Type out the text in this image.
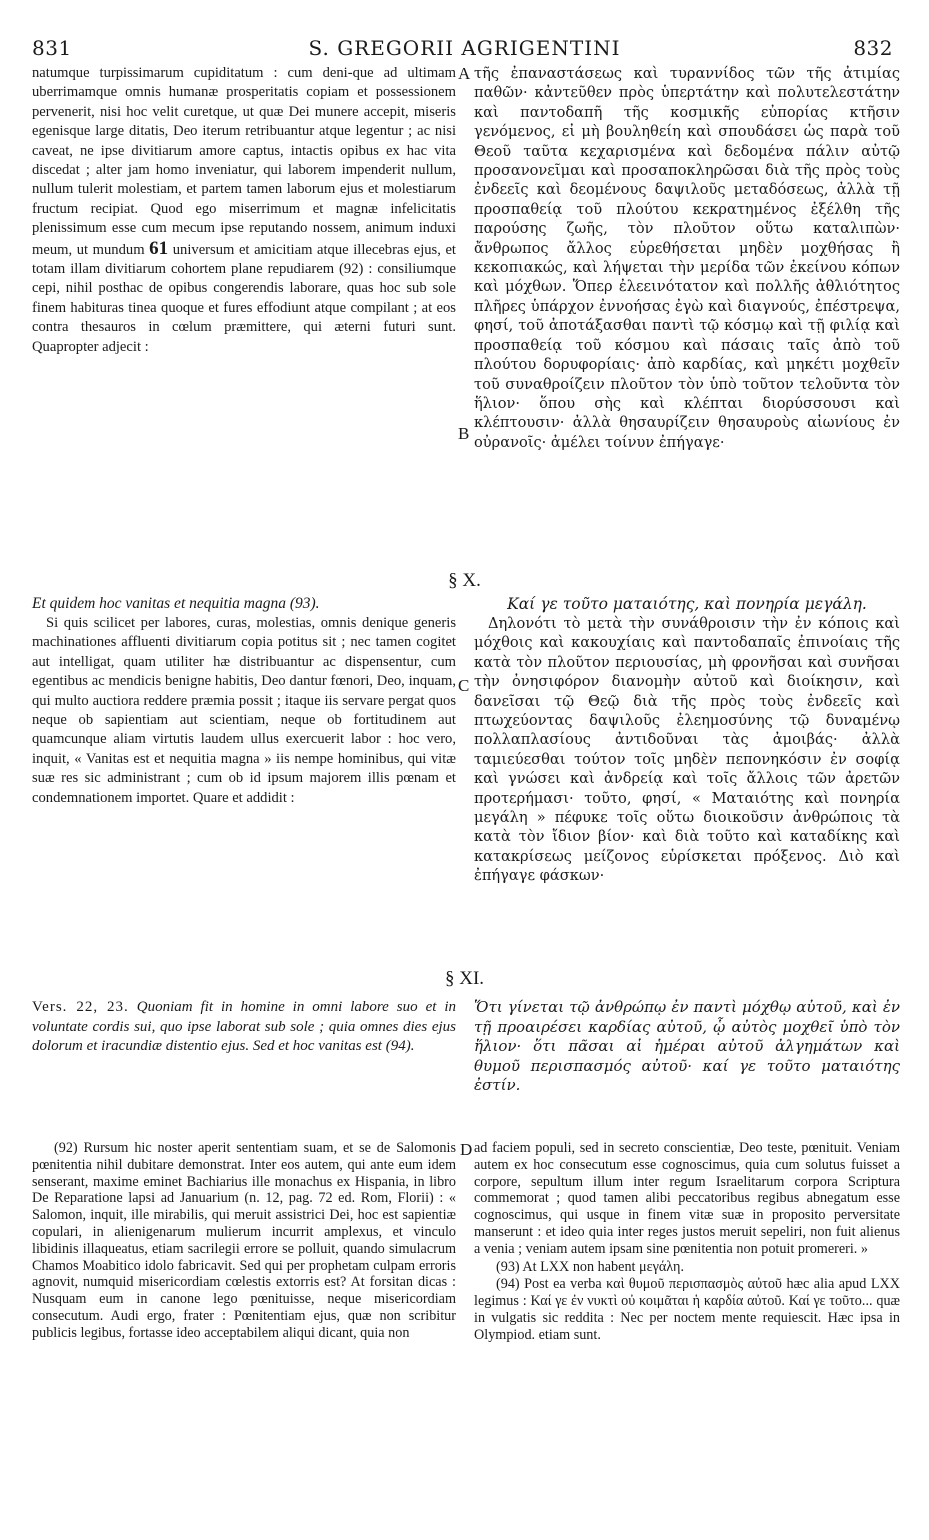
831	S. GREGORII AGRIGENTINI	832
natumque turpissimarum cupiditatum : cum deni-que ad ultimam uberrimamque omnis humanæ prosperitatis copiam et possessionem pervenerit, nisi hoc velit curetque, ut quæ Dei munere accepit, miseris egenisque large ditatis, Deo iterum retribuantur atque legentur ; ac nisi caveat, ne ipse divitiarum amore captus, intactis opibus ex hac vita discedat ; alter jam homo inveniatur, qui laborem impenderit nullum, nullum tulerit molestiam, et partem tamen laborum ejus et molestiarum fructum recipiat. Quod ego miserrimum et magnæ infelicitatis plenissimum esse cum mecum ipse reputando nossem, animum induxi meum, ut mundum 61 universum et amicitiam atque illecebras ejus, et totam illam divitiarum cohortem plane repudiarem (92) : consiliumque cepi, nihil posthac de opibus congerendis laborare, quas hoc sub sole finem habituras tinea quoque et fures effodiunt atque compilant ; at eos contra thesauros in cœlum præmittere, qui æterni futuri sunt. Quapropter adjecit :
A τῆς ἐπαναστάσεως καὶ τυραννίδος τῶν τῆς ἀτιμίας παθῶν· κἀντεῦθεν πρὸς ὑπερτάτην καὶ πολυτελεστάτην καὶ παντοδαπῆ τῆς κοσμικῆς εὐπορίας κτῆσιν γενόμενος, εἰ μὴ βουληθείη καὶ σπουδάσει ὡς παρὰ τοῦ Θεοῦ ταῦτα κεχαρισμένα καὶ δεδομένα πάλιν αὐτῷ προσανονεῖμαι καὶ προσαποκληρῶσαι διὰ τῆς πρὸς τοὺς ἐνδεεῖς καὶ δεομένους δαψιλοῦς μεταδόσεως, ἀλλὰ τῇ προσπαθείᾳ τοῦ πλούτου κεκρατημένος ἐξέλθη τῆς παρούσης ζωῆς, τὸν πλοῦτον οὕτω καταλιπὼν· ἄνθρωπος ἄλλος εὑρεθήσεται μηδὲν μοχθήσας ἢ κεκοπιακώς, καὶ λήψεται τὴν μερίδα τῶν ἐκείνου κόπων καὶ μόχθων. Ὅπερ ἐλεεινότατον καὶ πολλῆς ἀθλιότητος πλῆρες ὑπάρχον ἐννοήσας ἐγὼ καὶ διαγνούς, ἐπέστρεψα, φησί, τοῦ ἀποτάξασθαι παντὶ τῷ κόσμῳ καὶ τῇ φιλίᾳ καὶ προσπαθείᾳ τοῦ κόσμου καὶ πάσαις ταῖς ἀπὸ τοῦ πλούτου δορυφορίαις· ἀπὸ καρδίας, καὶ μηκέτι μοχθεῖν τοῦ συναθροίζειν πλοῦτον τὸν ὑπὸ τοῦτον τελοῦντα τὸν ἥλιον· ὅπου σὴς καὶ κλέπται διορύσσουσι καὶ κλέπτουσιν· ἀλλὰ θησαυρίζειν θησαυροὺς αἰωνίους ἐν οὐρανοῖς· ἀμέλει τοίνυν ἐπήγαγε·
B
§ X.
Et quidem hoc vanitas et nequitia magna (93).
Si quis scilicet per labores, curas, molestias, omnis denique generis machinationes affluenti divitiarum copia potitus sit ; nec tamen cogitet aut intelligat, quam utiliter hæ distribuantur ac dispensentur, cum egentibus ac mendicis benigne habitis, Deo dantur fœnori, Deo, inquam, qui multo auctiora reddere præmia possit ; itaque iis servare pergat quos neque ob sapientiam aut scientiam, neque ob fortitudinem aut quamcunque aliam virtutis laudem ullus exercuerit labor : hoc vero, inquit, « Vanitas est et nequitia magna » iis nempe hominibus, qui vitæ suæ res sic administrant ; cum ob id ipsum majorem illis pœnam et condemnationem importet. Quare et addidit :
C
Καί γε τοῦτο ματαιότης, καὶ πονηρία μεγάλη.
Δηλονότι τὸ μετὰ τὴν συνάθροισιν τὴν ἐν κόποις καὶ μόχθοις καὶ κακουχίαις καὶ παντοδαπαῖς ἐπινοίαις τῆς κατὰ τὸν πλοῦτον περιουσίας, μὴ φρονῆσαι καὶ συνῆσαι τὴν ὀνησιφόρον διανομὴν αὐτοῦ καὶ διοίκησιν, καὶ δανεῖσαι τῷ Θεῷ διὰ τῆς πρὸς τοὺς ἐνδεεῖς καὶ πτωχεύοντας δαψιλοῦς ἐλεημοσύνης τῷ δυναμένῳ πολλαπλασίους ἀντιδοῦναι τὰς ἀμοιβάς· ἀλλὰ ταμιεύεσθαι τούτον τοῖς μηδὲν πεπονηκόσιν ἐν σοφίᾳ καὶ γνώσει καὶ ἀνδρείᾳ καὶ τοῖς ἄλλοις τῶν ἀρετῶν προτερήμασι· τοῦτο, φησί, « Ματαιότης καὶ πονηρία μεγάλη » πέφυκε τοῖς οὕτω διοικοῦσιν ἀνθρώποις τὰ κατὰ τὸν ἴδιον βίον· καὶ διὰ τοῦτο καὶ καταδίκης καὶ κατακρίσεως μείζονος εὑρίσκεται πρόξενος. Διὸ καὶ ἐπήγαγε φάσκων·
§ XI.
Vers. 22, 23. Quoniam fit in homine in omni labore suo et in voluntate cordis sui, quo ipse laborat sub sole ; quia omnes dies ejus dolorum et iracundiæ distentio ejus. Sed et hoc vanitas est (94).
Ὅτι γίνεται τῷ ἀνθρώπῳ ἐν παντὶ μόχθῳ αὐτοῦ, καὶ ἐν τῇ προαιρέσει καρδίας αὐτοῦ, ᾧ αὐτὸς μοχθεῖ ὑπὸ τὸν ἥλιον· ὅτι πᾶσαι αἱ ἡμέραι αὐτοῦ ἀλγημάτων καὶ θυμοῦ περισπασμός αὐτοῦ· καί γε τοῦτο ματαιότης ἐστίν.

(92) Rursum hic noster aperit sententiam suam, et se de Salomonis pœnitentia nihil dubitare demonstrat. Inter eos autem, qui ante eum idem senserant, maxime eminet Bachiarius ille monachus ex Hispania, in libro De Reparatione lapsi ad Januarium (n. 12, pag. 72 ed. Rom, Florii) : « Salomon, inquit, ille mirabilis, qui meruit assistrici Dei, hoc est sapientiæ copulari, in alienigenarum mulierum incurrit amplexus, et vinculo libidinis illaqueatus, etiam sacrilegii errore se polluit, quando simulacrum Chamos Moabitico idolo fabricavit. Sed qui per prophetam culpam erroris agnovit, numquid misericordiam cœlestis extorris est? At forsitan dicas : Nusquam eum in canone lego pœnituisse, neque misericordiam consecutum. Audi ergo, frater : Pœnitentiam ejus, quæ non scribitur publicis legibus, fortasse ideo acceptabilem aliqui dicant, quia non

D ad faciem populi, sed in secreto conscientiæ, Deo teste, pœnituit. Veniam autem ex hoc consecutum esse cognoscimus, quia cum solutus fuisset a corpore, sepultum illum inter regum Israelitarum corpora Scriptura commemorat ; quod tamen alibi peccatoribus regibus abnegatum esse cognoscimus, qui usque in finem vitæ suæ in proposito perversitate manserunt : et ideo quia inter reges justos meruit sepeliri, non fuit alienus a venia ; veniam autem ipsam sine pœnitentia non potuit promereri. »

(93) At LXX non habent μεγάλη.

(94) Post ea verba καὶ θυμοῦ περισπασμὸς αὐτοῦ hæc alia apud LXX legimus : Καί γε ἐν νυκτὶ οὐ κοιμᾶται ἡ καρδία αὐτοῦ. Καί γε τοῦτο... quæ in vulgatis sic reddita : Nec per noctem mente requiescit. Hæc ipsa in Olympiod. etiam sunt.
